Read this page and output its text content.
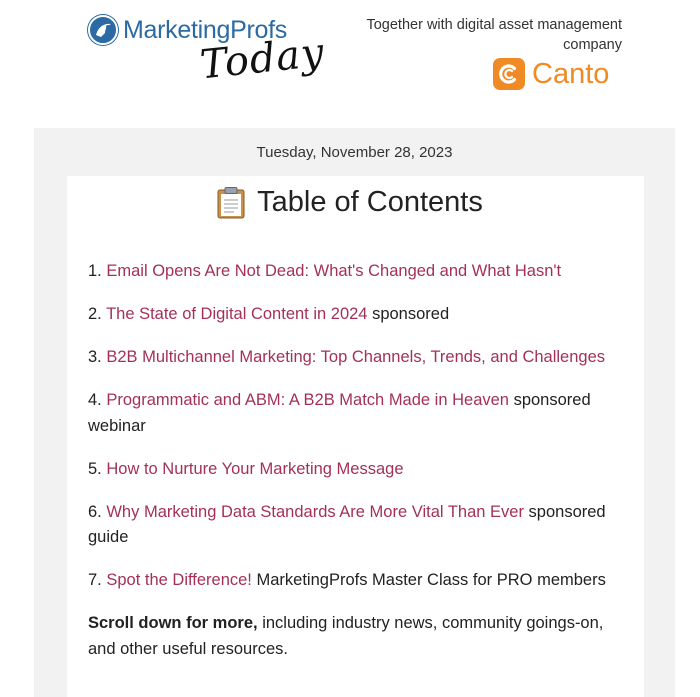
MarketingProfs
Today
Together with digital asset management company
Canto
Tuesday, November 28, 2023
Table of Contents
1. Email Opens Are Not Dead: What's Changed and What Hasn't
2. The State of Digital Content in 2024 sponsored
3. B2B Multichannel Marketing: Top Channels, Trends, and Challenges
4. Programmatic and ABM: A B2B Match Made in Heaven sponsored webinar
5. How to Nurture Your Marketing Message
6. Why Marketing Data Standards Are More Vital Than Ever sponsored guide
7. Spot the Difference! MarketingProfs Master Class for PRO members
Scroll down for more, including industry news, community goings-on, and other useful resources.
